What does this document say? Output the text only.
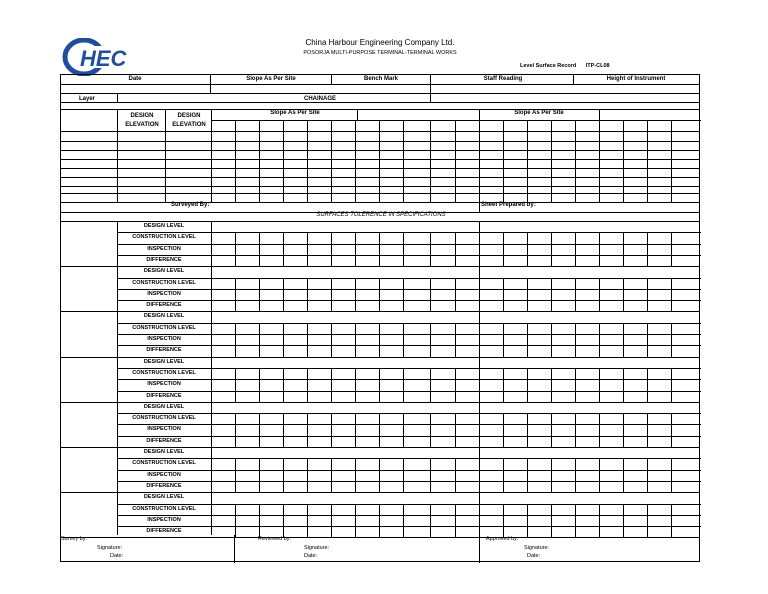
HEC
China Harbour Engineering Company Ltd.
POSORJA MULTI-PURPOSE TERMINAL-TERMINAL WORKS
Level Surface Record ITP-CL08
Date	Slope As Per Site	Bench Mark	Staff Reading	Height of Instrument
Layer	CHAINAGE
DESIGN
ELEVATION
DESIGN
ELEVATION
Slope As Per Site	Slope As Per Site
Surveyed By:	Sheet Prepared by:
SURFACES TOLERENCE IN SPECIFICATIONS
DESIGN LEVEL
CONSTRUCTION LEVEL
INSPECTION
DIFFERENCE
DESIGN LEVEL
CONSTRUCTION LEVEL
INSPECTION
DIFFERENCE
DESIGN LEVEL
CONSTRUCTION LEVEL
INSPECTION
DIFFERENCE
DESIGN LEVEL
CONSTRUCTION LEVEL
INSPECTION
DIFFERENCE
DESIGN LEVEL
CONSTRUCTION LEVEL
INSPECTION
DIFFERENCE
DESIGN LEVEL
CONSTRUCTION LEVEL
INSPECTION
DIFFERENCE
DESIGN LEVEL
CONSTRUCTION LEVEL
INSPECTION
DIFFERENCE
Survey by:
Signature:
Date:
Reviewed by:
Signature:
Date:
Approved by:
Signature:
Date:
